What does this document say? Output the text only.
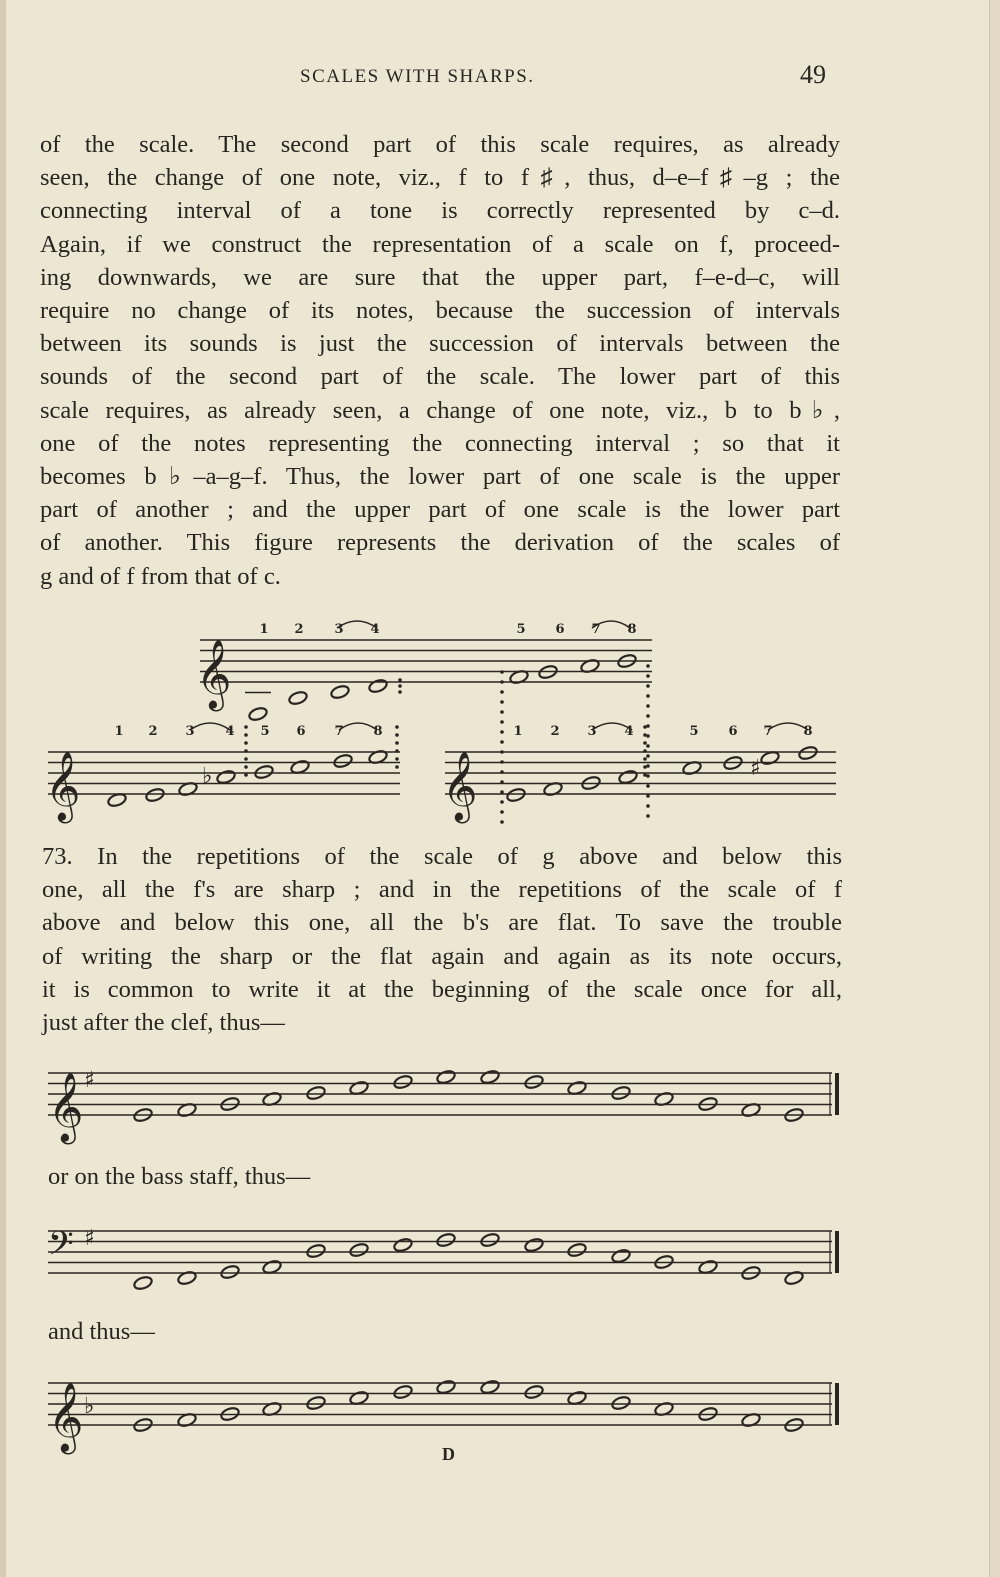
SCALES WITH SHARPS.	49
of the scale. The second part of this scale requires, as already
seen, the change of one note, viz., f to f♯, thus, d–e–f♯–g ; the
connecting interval of a tone is correctly represented by c–d.
Again, if we construct the representation of a scale on f, proceed-
ing downwards, we are sure that the upper part, f–e-d–c, will
require no change of its notes, because the succession of intervals
between its sounds is just the succession of intervals between the
sounds of the second part of the scale. The lower part of this
scale requires, as already seen, a change of one note, viz., b to b♭,
one of the notes representing the connecting interval ; so that it
becomes b♭–a–g–f. Thus, the lower part of one scale is the upper
part of another ; and the upper part of one scale is the lower part
of another. This figure represents the derivation of the scales of
g and of f from that of c.
73. In the repetitions of the scale of g above and below this
one, all the f's are sharp ; and in the repetitions of the scale of f
above and below this one, all the b's are flat. To save the trouble
of writing the sharp or the flat again and again as its note occurs,
it is common to write it at the beginning of the scale once for all,
just after the clef, thus—
or on the bass staff, thus—
and thus—
D
𝄞
1 2 3 4	5 6 7 8
𝄞	♭
1 2 3 4 5 6 7 8
𝄞	♯
1 2 3 4	5 6 7 8
𝄞 ♯
𝄢 ♯
𝄞 ♭
